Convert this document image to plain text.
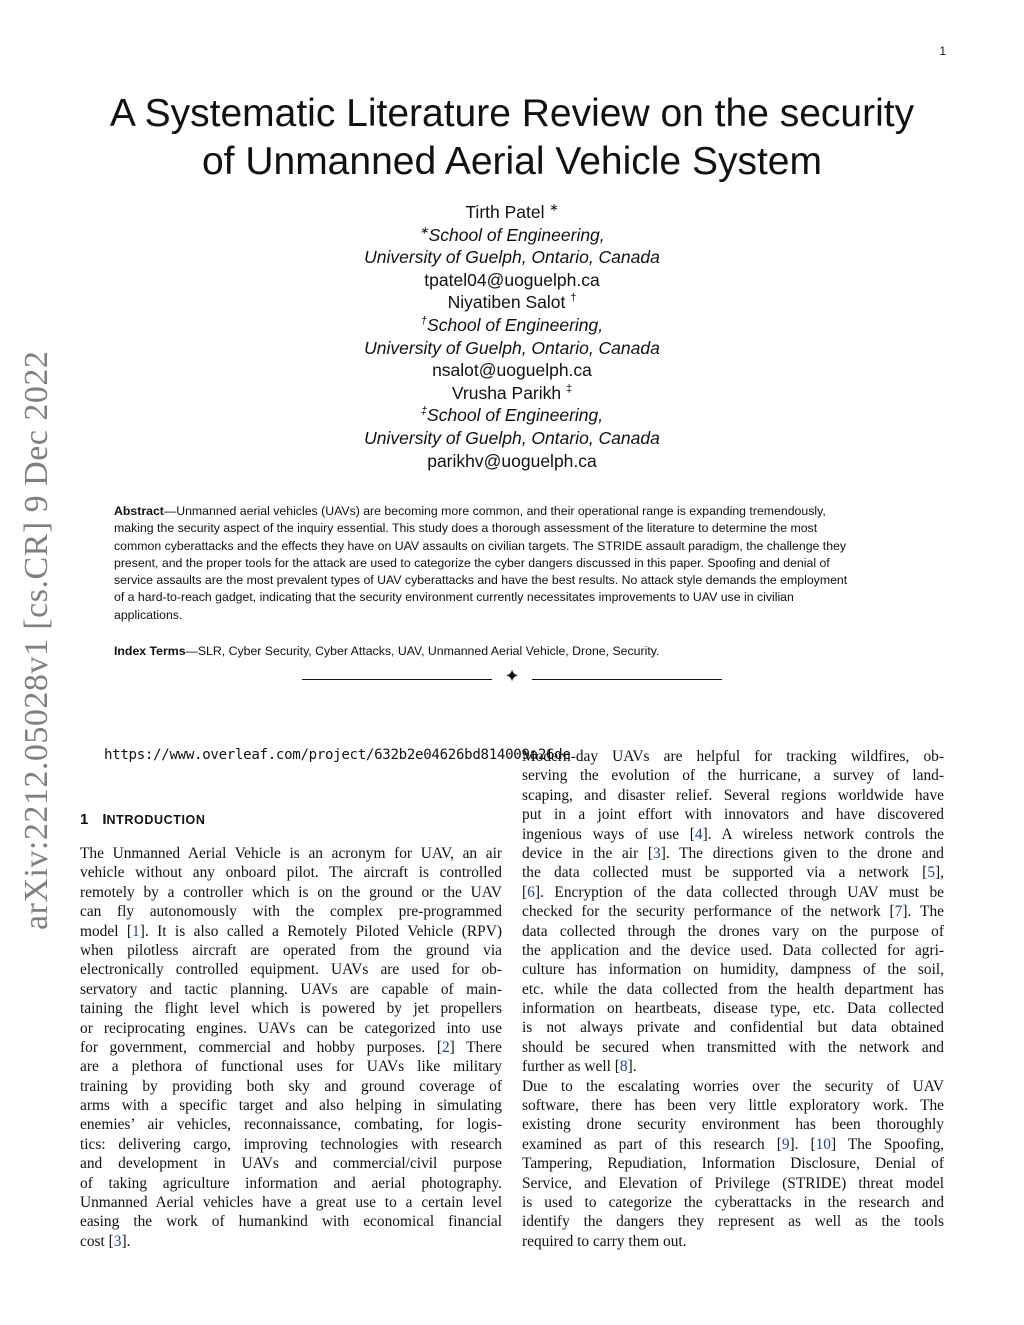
1
arXiv:2212.05028v1 [cs.CR] 9 Dec 2022
A Systematic Literature Review on the security
of Unmanned Aerial Vehicle System
Tirth Patel ∗
∗School of Engineering,
University of Guelph, Ontario, Canada
tpatel04@uoguelph.ca
Niyatiben Salot †
†School of Engineering,
University of Guelph, Ontario, Canada
nsalot@uoguelph.ca
Vrusha Parikh ‡
‡School of Engineering,
University of Guelph, Ontario, Canada
parikhv@uoguelph.ca
Abstract—Unmanned aerial vehicles (UAVs) are becoming more common, and their operational range is expanding tremendously,
making the security aspect of the inquiry essential. This study does a thorough assessment of the literature to determine the most
common cyberattacks and the effects they have on UAV assaults on civilian targets. The STRIDE assault paradigm, the challenge they
present, and the proper tools for the attack are used to categorize the cyber dangers discussed in this paper. Spoofing and denial of
service assaults are the most prevalent types of UAV cyberattacks and have the best results. No attack style demands the employment
of a hard-to-reach gadget, indicating that the security environment currently necessitates improvements to UAV use in civilian
applications.
Index Terms—SLR, Cyber Security, Cyber Attacks, UAV, Unmanned Aerial Vehicle, Drone, Security.
✦
https://www.overleaf.com/project/632b2e04626bd814009a26de
1 INTRODUCTION
The Unmanned Aerial Vehicle is an acronym for UAV, an air
vehicle without any onboard pilot. The aircraft is controlled
remotely by a controller which is on the ground or the UAV
can fly autonomously with the complex pre-programmed
model [1]. It is also called a Remotely Piloted Vehicle (RPV)
when pilotless aircraft are operated from the ground via
electronically controlled equipment. UAVs are used for ob-
servatory and tactic planning. UAVs are capable of main-
taining the flight level which is powered by jet propellers
or reciprocating engines. UAVs can be categorized into use
for government, commercial and hobby purposes. [2] There
are a plethora of functional uses for UAVs like military
training by providing both sky and ground coverage of
arms with a specific target and also helping in simulating
enemies’ air vehicles, reconnaissance, combating, for logis-
tics: delivering cargo, improving technologies with research
and development in UAVs and commercial/civil purpose
of taking agriculture information and aerial photography.
Unmanned Aerial vehicles have a great use to a certain level
easing the work of humankind with economical financial
cost [3].
Modern-day UAVs are helpful for tracking wildfires, ob-
serving the evolution of the hurricane, a survey of land-
scaping, and disaster relief. Several regions worldwide have
put in a joint effort with innovators and have discovered
ingenious ways of use [4]. A wireless network controls the
device in the air [3]. The directions given to the drone and
the data collected must be supported via a network [5],
[6]. Encryption of the data collected through UAV must be
checked for the security performance of the network [7]. The
data collected through the drones vary on the purpose of
the application and the device used. Data collected for agri-
culture has information on humidity, dampness of the soil,
etc. while the data collected from the health department has
information on heartbeats, disease type, etc. Data collected
is not always private and confidential but data obtained
should be secured when transmitted with the network and
further as well [8].
Due to the escalating worries over the security of UAV
software, there has been very little exploratory work. The
existing drone security environment has been thoroughly
examined as part of this research [9]. [10] The Spoofing,
Tampering, Repudiation, Information Disclosure, Denial of
Service, and Elevation of Privilege (STRIDE) threat model
is used to categorize the cyberattacks in the research and
identify the dangers they represent as well as the tools
required to carry them out.
